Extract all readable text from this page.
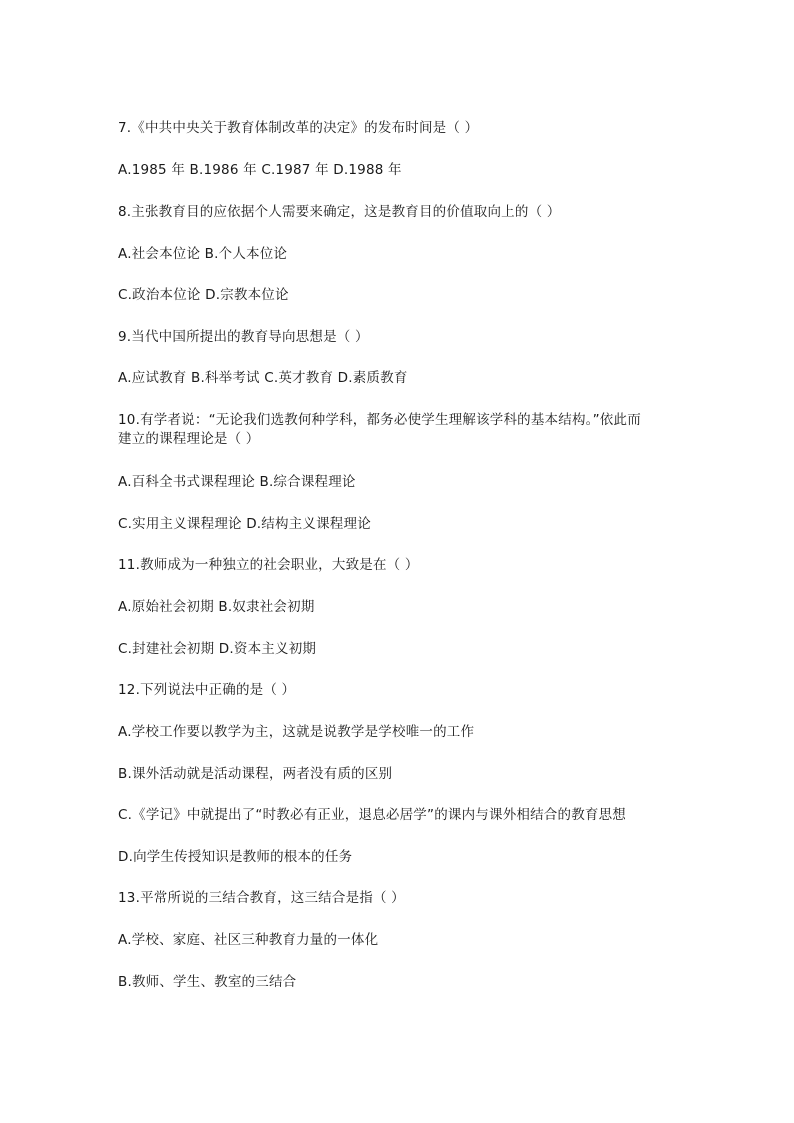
7.《中共中央关于教育体制改革的决定》的发布时间是（ ）
A.1985 年 B.1986 年 C.1987 年 D.1988 年
8.主张教育目的应依据个人需要来确定，这是教育目的价值取向上的（ ）
A.社会本位论 B.个人本位论
C.政治本位论 D.宗教本位论
9.当代中国所提出的教育导向思想是（ ）
A.应试教育 B.科举考试 C.英才教育 D.素质教育
10.有学者说：“无论我们选教何种学科，都务必使学生理解该学科的基本结构。”依此而
建立的课程理论是（ ）
A.百科全书式课程理论 B.综合课程理论
C.实用主义课程理论 D.结构主义课程理论
11.教师成为一种独立的社会职业，大致是在（ ）
A.原始社会初期 B.奴隶社会初期
C.封建社会初期 D.资本主义初期
12.下列说法中正确的是（ ）
A.学校工作要以教学为主，这就是说教学是学校唯一的工作
B.课外活动就是活动课程，两者没有质的区别
C.《学记》中就提出了“时教必有正业，退息必居学”的课内与课外相结合的教育思想
D.向学生传授知识是教师的根本的任务
13.平常所说的三结合教育，这三结合是指（ ）
A.学校、家庭、社区三种教育力量的一体化
B.教师、学生、教室的三结合
